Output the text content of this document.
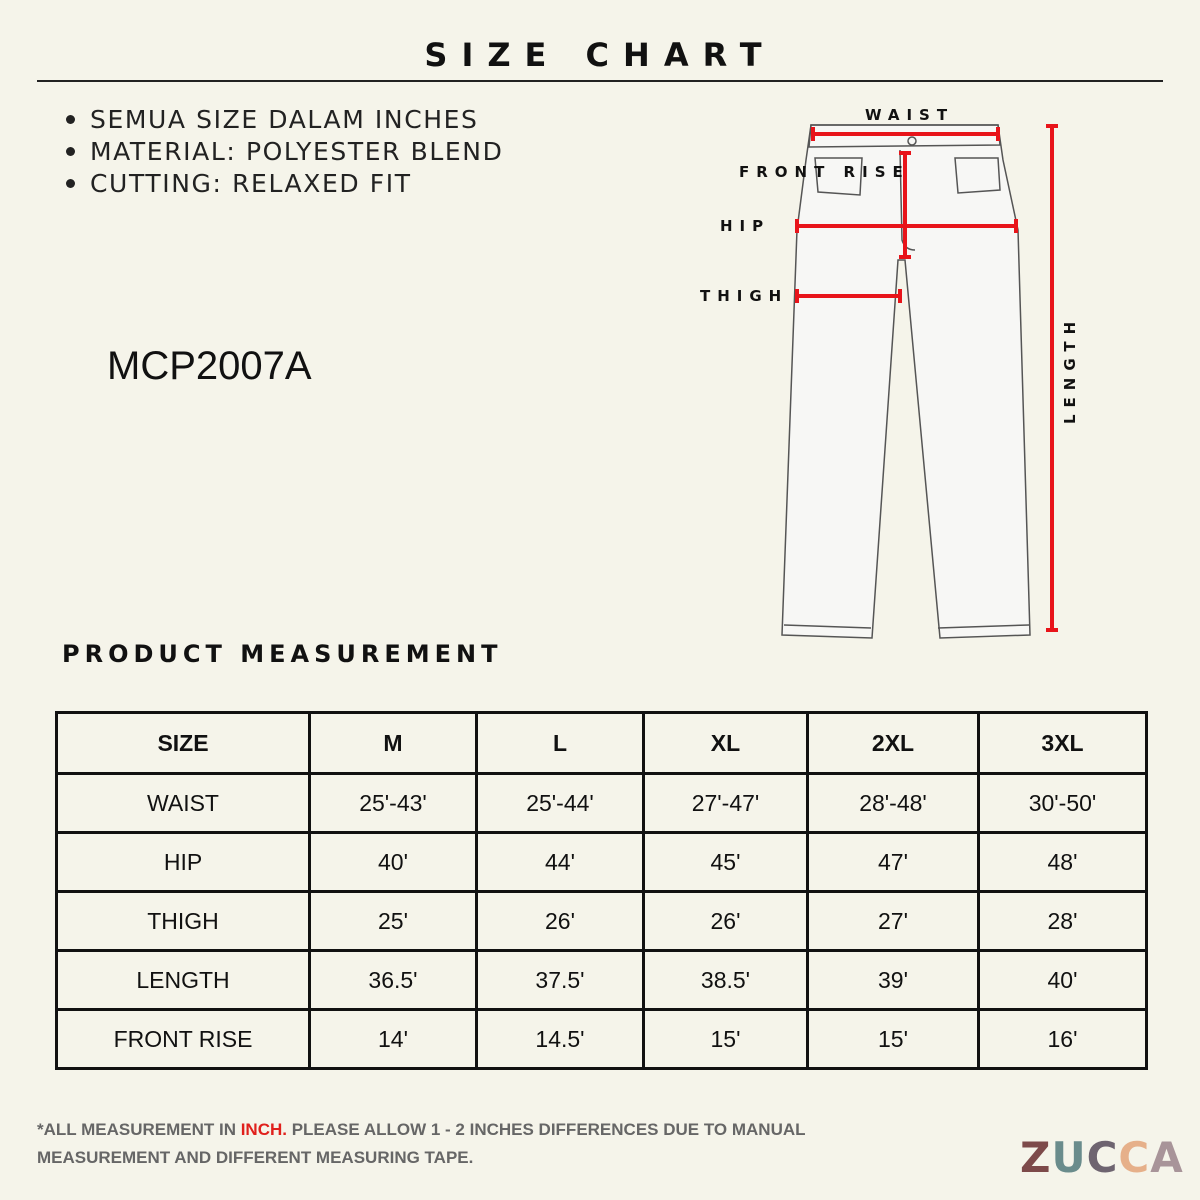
SIZE CHART
SEMUA SIZE DALAM INCHES
MATERIAL: POLYESTER BLEND
CUTTING: RELAXED FIT
MCP2007A
WAIST
FRONT RISE
HIP
THIGH
LENGTH
PRODUCT MEASUREMENT
SIZE	M	L	XL	2XL	3XL
WAIST	25'-43'	25'-44'	27'-47'	28'-48'	30'-50'
HIP	40'	44'	45'	47'	48'
THIGH	25'	26'	26'	27'	28'
LENGTH	36.5'	37.5'	38.5'	39'	40'
FRONT RISE	14'	14.5'	15'	15'	16'
*ALL MEASUREMENT IN INCH. PLEASE ALLOW 1 - 2 INCHES DIFFERENCES DUE TO MANUAL
MEASUREMENT AND DIFFERENT MEASURING TAPE.	ZUCCA
